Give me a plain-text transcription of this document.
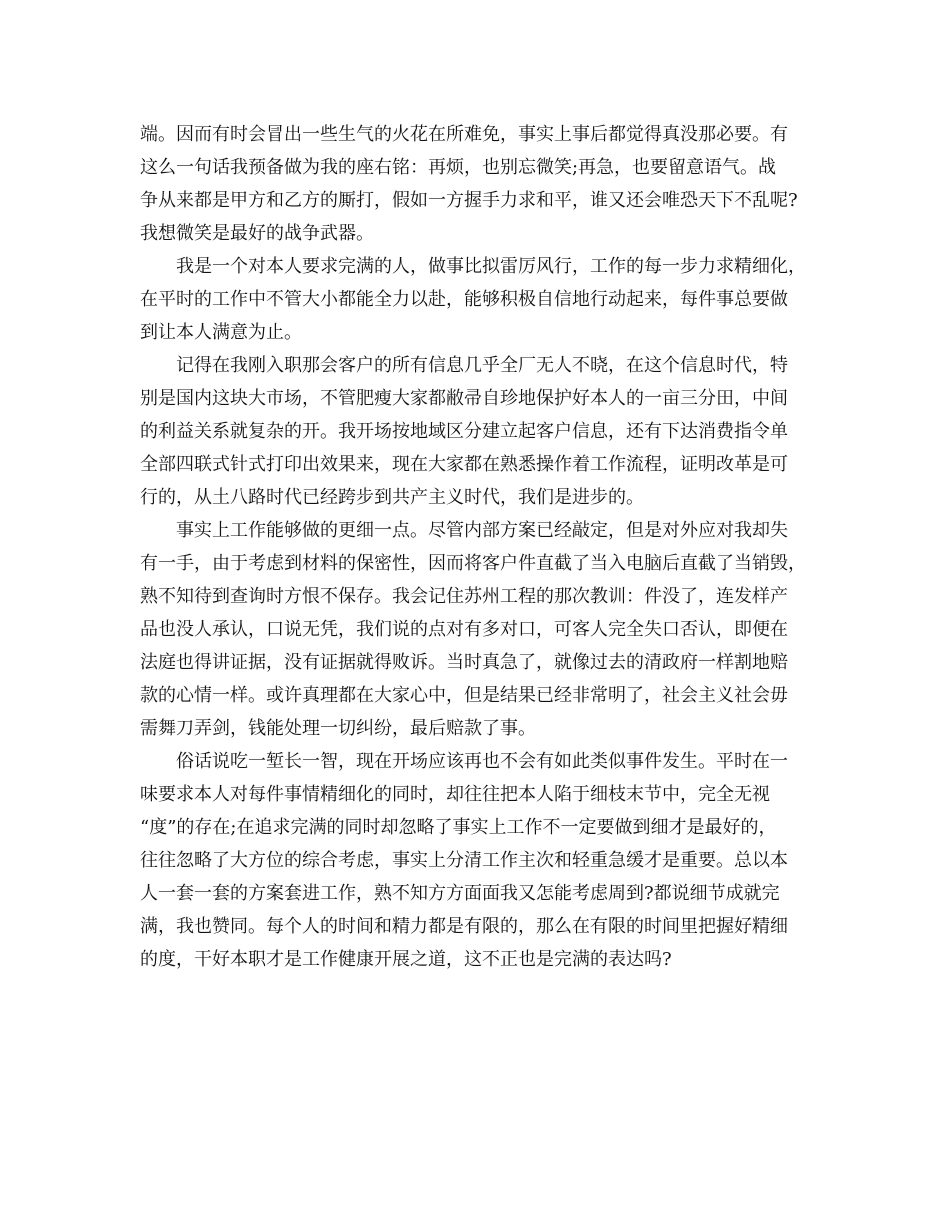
端。因而有时会冒出一些生气的火花在所难免，事实上事后都觉得真没那必要。有
这么一句话我预备做为我的座右铭：再烦，也别忘微笑;再急，也要留意语气。战
争从来都是甲方和乙方的厮打，假如一方握手力求和平，谁又还会唯恐天下不乱呢?
我想微笑是最好的战争武器。
我是一个对本人要求完满的人，做事比拟雷厉风行，工作的每一步力求精细化，
在平时的工作中不管大小都能全力以赴，能够积极自信地行动起来，每件事总要做
到让本人满意为止。
记得在我刚入职那会客户的所有信息几乎全厂无人不晓，在这个信息时代，特
别是国内这块大市场，不管肥瘦大家都敝帚自珍地保护好本人的一亩三分田，中间
的利益关系就复杂的开。我开场按地域区分建立起客户信息，还有下达消费指令单
全部四联式针式打印出效果来，现在大家都在熟悉操作着工作流程，证明改革是可
行的，从土八路时代已经跨步到共产主义时代，我们是进步的。
事实上工作能够做的更细一点。尽管内部方案已经敲定，但是对外应对我却失
有一手，由于考虑到材料的保密性，因而将客户件直截了当入电脑后直截了当销毁，
熟不知待到查询时方恨不保存。我会记住苏州工程的那次教训：件没了，连发样产
品也没人承认，口说无凭，我们说的点对有多对口，可客人完全失口否认，即便在
法庭也得讲证据，没有证据就得败诉。当时真急了，就像过去的清政府一样割地赔
款的心情一样。或许真理都在大家心中，但是结果已经非常明了，社会主义社会毋
需舞刀弄剑，钱能处理一切纠纷，最后赔款了事。
俗话说吃一堑长一智，现在开场应该再也不会有如此类似事件发生。平时在一
味要求本人对每件事情精细化的同时，却往往把本人陷于细枝末节中，完全无视
“度”的存在;在追求完满的同时却忽略了事实上工作不一定要做到细才是最好的，
往往忽略了大方位的综合考虑，事实上分清工作主次和轻重急缓才是重要。总以本
人一套一套的方案套进工作，熟不知方方面面我又怎能考虑周到?都说细节成就完
满，我也赞同。每个人的时间和精力都是有限的，那么在有限的时间里把握好精细
的度，干好本职才是工作健康开展之道，这不正也是完满的表达吗?
